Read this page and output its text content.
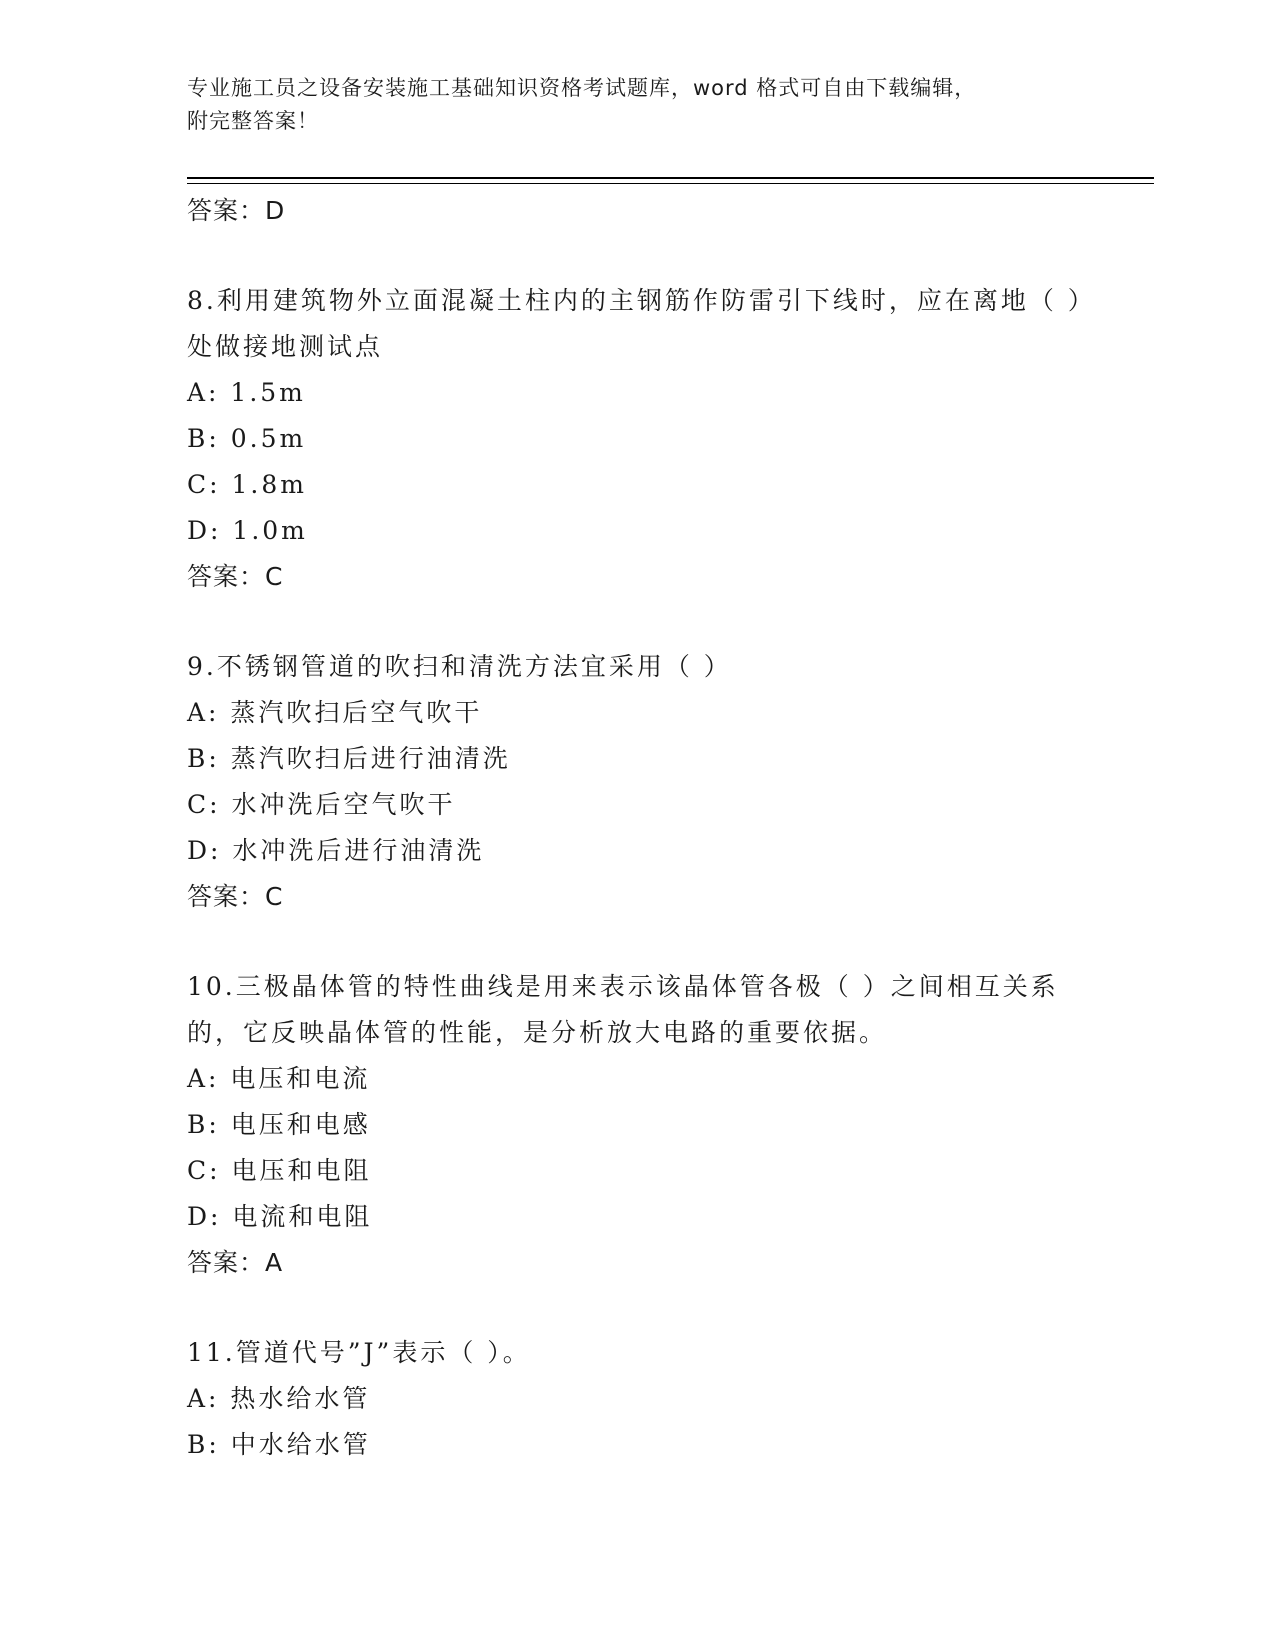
专业施工员之设备安装施工基础知识资格考试题库，word 格式可自由下载编辑，
附完整答案！
答案：D
8.利用建筑物外立面混凝土柱内的主钢筋作防雷引下线时，应在离地（ ）处做接地测试点
A: 1.5m
B: 0.5m
C: 1.8m
D: 1.0m
答案：C
9.不锈钢管道的吹扫和清洗方法宜采用（ ）
A: 蒸汽吹扫后空气吹干
B: 蒸汽吹扫后进行油清洗
C: 水冲洗后空气吹干
D: 水冲洗后进行油清洗
答案：C
10.三极晶体管的特性曲线是用来表示该晶体管各极（ ）之间相互关系的，它反映晶体管的性能，是分析放大电路的重要依据。
A: 电压和电流
B: 电压和电感
C: 电压和电阻
D: 电流和电阻
答案：A
11.管道代号”J”表示（ ）。
A: 热水给水管
B: 中水给水管
